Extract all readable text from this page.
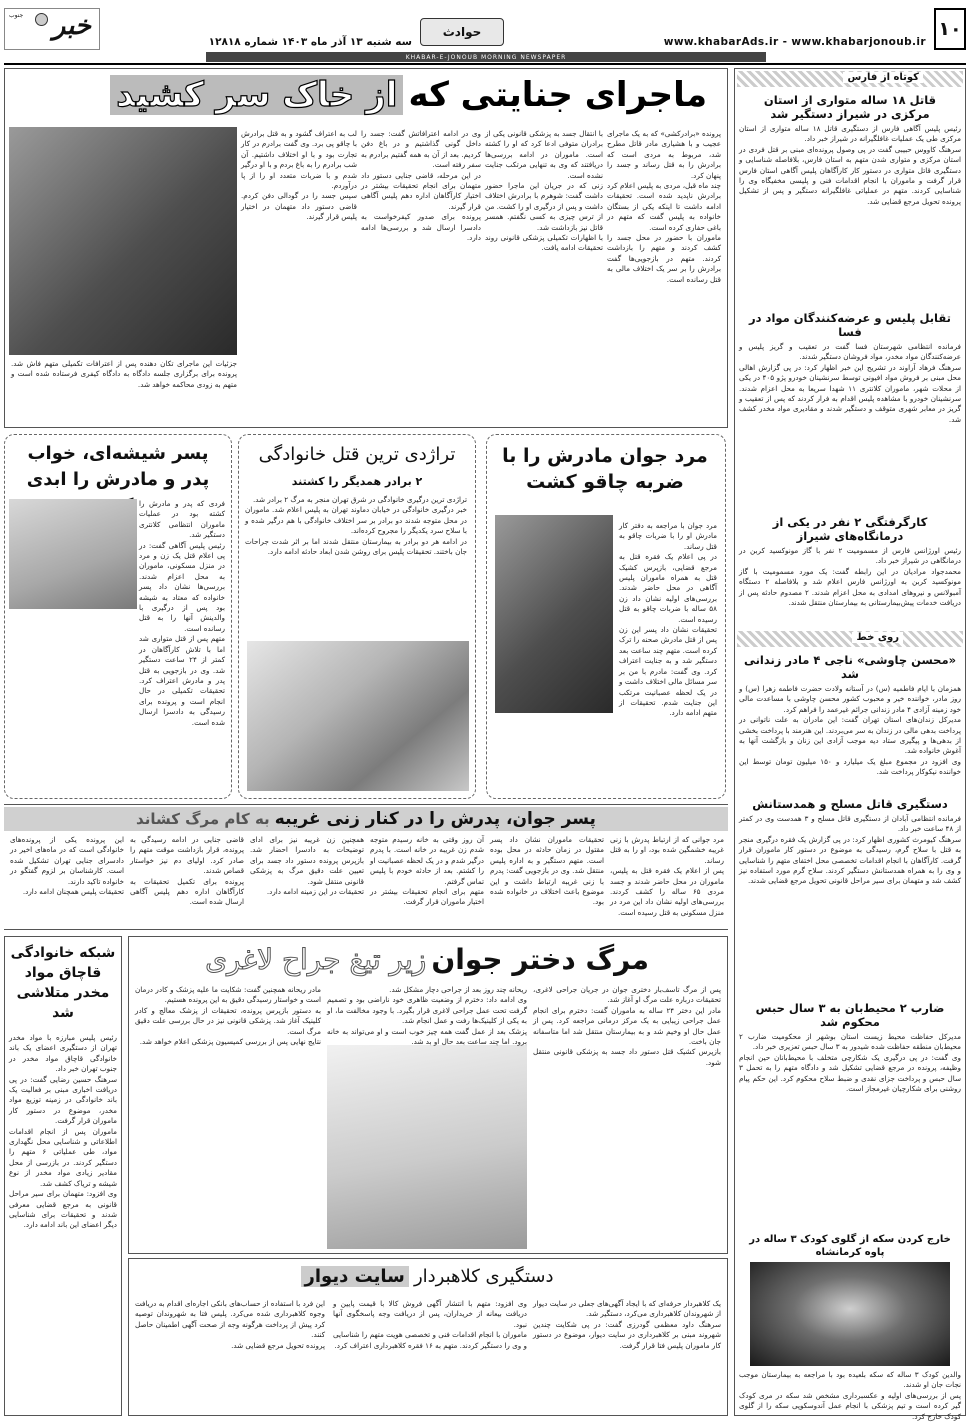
۱۰
www.khabarAds.ir - www.khabarjonoub.ir
حوادث
سه شنبه ۱۳ آذر ماه ۱۴۰۳ شماره ۱۲۸۱۸
خبر
جنوب
KHABAR-E-JONOUB MORNING NEWSPAPER
کوتاه از فارس
قاتل ۱۸ ساله متواری از استان مرکزی در شیراز دستگیر شد
رئیس پلیس آگاهی فارس از دستگیری قاتل ۱۸ ساله متواری از استان مرکزی طی یک عملیات غافلگیرانه در شیراز خبر داد.
سرهنگ کاووس حبیبی گفت در پی وصول پرونده‌ای مبنی بر قتل فردی در استان مرکزی و متواری شدن متهم به استان فارس، بلافاصله شناسایی و دستگیری قاتل متواری در دستور کار کارآگاهان پلیس آگاهی استان فارس قرار گرفت و ماموران با انجام اقدامات فنی و پلیسی مخفیگاه وی را شناسایی کردند. متهم در عملیاتی غافلگیرانه دستگیر و پس از تشکیل پرونده تحویل مرجع قضایی شد.
تقابل پلیس و عرضه‌کنندگان مواد در فسا
فرمانده انتظامی شهرستان فسا گفت در تعقیب و گریز پلیس و عرضه‌کنندگان مواد مخدر، مواد فروشان دستگیر شدند.
سرهنگ فرهاد آراوند در تشریح این خبر اظهار کرد: در پی گزارش اهالی محل مبنی بر فروش مواد افیونی توسط سرنشینان خودرو پژو ۴۰۵ در یکی از محلات شهر، ماموران کلانتری ۱۱ شهدا سریعا به محل اعزام شدند. سرنشینان خودرو با مشاهده پلیس اقدام به فرار کردند که پس از تعقیب و گریز در معابر شهری متوقف و دستگیر شدند و مقادیری مواد مخدر کشف شد.
کارگرفتگی ۲ نفر در یکی از درمانگاه‌های شیراز
رئیس اورژانس فارس از مسمومیت ۲ نفر با گاز مونوکسید کربن در درمانگاهی در شیراز خبر داد.
محمدجواد مرادیان در این رابطه گفت: یک مورد مسمومیت با گاز مونوکسید کربن به اورژانس فارس اعلام شد و بلافاصله ۲ دستگاه آمبولانس و نیروهای امدادی به محل اعزام شدند. ۲ مصدوم حادثه پس از دریافت خدمات پیش‌بیمارستانی به بیمارستان منتقل شدند.
روی خط
«محسن چاوشی» ناجی ۴ مادر زندانی شد
همزمان با ایام فاطمیه (س) در آستانه ولادت حضرت فاطمه زهرا (س) و روز مادر، خواننده خیر و محبوب کشور محسن چاوشی با مساعدت مالی خود زمینه آزادی ۴ مادر زندانی جرائم غیرعمد را فراهم کرد.
مدیرکل زندان‌های استان تهران گفت: این مادران به علت ناتوانی در پرداخت بدهی مالی در زندان به سر می‌بردند. این هنرمند با پرداخت بخشی از بدهی‌ها و پیگیری ستاد دیه موجب آزادی این زنان و بازگشت آنها به آغوش خانواده شد.
وی افزود در مجموع مبلغ یک میلیارد و ۱۵۰ میلیون تومان توسط این خواننده نیکوکار پرداخت شد.
دستگیری قاتل مسلح و همدستانش
فرمانده انتظامی آبادان از دستگیری قاتل مسلح و ۳ همدست وی در کمتر از ۴۸ ساعت خبر داد.
سرهنگ کیومرث کشوری اظهار کرد: در پی گزارش یک فقره درگیری منجر به قتل با سلاح گرم، رسیدگی به موضوع در دستور کار ماموران قرار گرفت. کارآگاهان با انجام اقدامات تخصصی محل اختفای متهم را شناسایی و وی را به همراه همدستانش دستگیر کردند. سلاح گرم مورد استفاده نیز کشف شد و متهمان برای سیر مراحل قانونی تحویل مرجع قضایی شدند.
ضارب ۲ محیط‌بان به ۳ سال حبس محکوم شد
مدیرکل حفاظت محیط زیست استان بوشهر از محکومیت ضارب ۲ محیط‌بان منطقه حفاظت شده شیدور به ۳ سال حبس تعزیری خبر داد.
وی گفت: در پی درگیری یک شکارچی متخلف با محیط‌بانان حین انجام وظیفه، پرونده در مرجع قضایی تشکیل شد و دادگاه متهم را به تحمل ۳ سال حبس و پرداخت جزای نقدی و ضبط سلاح محکوم کرد. این حکم پیام روشنی برای شکارچیان غیرمجاز است.
خارج کردن سکه از گلوی کودک ۳ ساله در پاوه کرمانشاه
والدین کودک ۳ ساله که سکه بلعیده بود با مراجعه به بیمارستان موجب نجات جان او شدند.
پس از بررسی‌های اولیه و عکسبرداری مشخص شد سکه در مری کودک گیر کرده است و تیم پزشکی با انجام عمل آندوسکوپی سکه را از گلوی کودک خارج کرد.
ماجرای جنایتی که از خاک سر کشید
پرونده «برادرکشی» که به یک ماجرای عجیب و با هشیاری مادر قاتل مطرح شد، مربوط به مردی است که برادرش را به قتل رساند و جسد را پنهان کرد.
چند ماه قبل، مردی به پلیس اعلام کرد برادرش ناپدید شده است. تحقیقات ادامه داشت تا اینکه یکی از بستگان خانواده به پلیس گفت که متهم در باغی حفاری کرده است.
ماموران با حضور در محل جسد را کشف کردند و متهم را بازداشت کردند. متهم در بازجویی‌ها گفت برادرش را بر سر یک اختلاف مالی به قتل رسانده است.
با انتقال جسد به پزشکی قانونی یکی از برادران متوفی ادعا کرد که او را کشته است. ماموران در ادامه بررسی‌ها دریافتند که وی به تنهایی مرتکب جنایت نشده است.
زنی که در جریان این ماجرا حضور داشت گفت: شوهرم با برادرش اختلاف داشت و پس از درگیری او را کشت. من از ترس چیزی به کسی نگفتم. همسر قاتل نیز بازداشت شد.
با اظهارات تکمیلی پزشکی قانونی روند تحقیقات ادامه یافت.
وی در ادامه اعترافاتش گفت: جسد را داخل گونی گذاشتیم و در باغ دفن کردیم. بعد از آن به همه گفتیم برادرم به سفر رفته است.
در این مرحله، قاضی جنایی دستور داد متهمان برای انجام تحقیقات بیشتر در اختیار کارآگاهان اداره دهم پلیس آگاهی قرار گیرند.
پرونده برای صدور کیفرخواست به دادسرا ارسال شد و بررسی‌ها ادامه دارد.
لب به اعتراف گشود و به قتل برادرش با چاقو پی برد. وی گفت برادرم در کار تجارت بود و با او اختلاف داشتیم. آن شب برادرم را به باغ بردم و با او درگیر شدم و با ضربات متعدد او را از پا درآوردم.
سپس جسد را در گودالی دفن کردم. قاضی دستور داد متهمان در اختیار پلیس قرار گیرند.
جزئیات این ماجرای تکان دهنده پس از اعترافات تکمیلی متهم فاش شد. پرونده برای برگزاری جلسه دادگاه به دادگاه کیفری فرستاده شده است و متهم به زودی محاکمه خواهد شد.
مرد جوان مادرش را با ضربه چاقو کشت
مرد جوان با مراجعه به دفتر کار مادرش او را با ضربات چاقو به قتل رساند.
در پی اعلام یک فقره قتل به مرجع قضایی، بازپرس کشیک قتل به همراه ماموران پلیس آگاهی در محل حاضر شدند. بررسی‌های اولیه نشان داد زن ۵۸ ساله با ضربات چاقو به قتل رسیده است.
تحقیقات نشان داد پسر این زن پس از قتل مادرش صحنه را ترک کرده است. متهم چند ساعت بعد دستگیر شد و به جنایت اعتراف کرد. وی گفت: مادرم با من بر سر مسائل مالی اختلاف داشت و در یک لحظه عصبانیت مرتکب این جنایت شدم. تحقیقات از متهم ادامه دارد.
تراژدی ترین قتل خانوادگی
۲ برادر همدیگر را کشتند
تراژدی ترین درگیری خانوادگی در شرق تهران منجر به مرگ ۲ برادر شد.
خبر درگیری خانوادگی در خیابان دماوند تهران به پلیس اعلام شد. ماموران در محل متوجه شدند دو برادر بر سر اختلاف خانوادگی با هم درگیر شده و با سلاح سرد یکدیگر را مجروح کرده‌اند.
در ادامه هر دو برادر به بیمارستان منتقل شدند اما بر اثر شدت جراحات جان باختند. تحقیقات پلیس برای روشن شدن ابعاد حادثه ادامه دارد.
پسر شیشه‌ای، خواب پدر و مادرش را ابدی
فردی که پدر و مادرش را کشته بود در عملیات ماموران انتظامی کلانتری دستگیر شد.
رئیس پلیس آگاهی گفت: در پی اعلام قتل یک زن و مرد در منزل مسکونی، ماموران به محل اعزام شدند. بررسی‌ها نشان داد پسر خانواده که معتاد به شیشه بود پس از درگیری با والدینش آنها را به قتل رسانده است.
متهم پس از قتل متواری شد اما با تلاش کارآگاهان در کمتر از ۲۴ ساعت دستگیر شد. وی در بازجویی به قتل پدر و مادرش اعتراف کرد. تحقیقات تکمیلی در حال انجام است و پرونده برای رسیدگی به دادسرا ارسال شده است.
پسر جوان، پدرش را در کنار زنی غریبه به کام مرگ کشاند
مرد جوانی که از ارتباط پدرش با زنی غریبه خشمگین شده بود، او را به قتل رساند.
پس از اعلام یک فقره قتل به پلیس، ماموران در محل حاضر شدند و جسد مردی ۶۵ ساله را کشف کردند. بررسی‌های اولیه نشان داد این مرد در منزل مسکونی به قتل رسیده است.
تحقیقات ماموران نشان داد پسر مقتول در زمان حادثه در محل بوده است. متهم دستگیر و به اداره پلیس منتقل شد. وی در بازجویی گفت: پدرم با زنی غریبه ارتباط داشت و این موضوع باعث اختلاف در خانواده شده بود.
آن روز وقتی به خانه رسیدم متوجه شدم زن غریبه در خانه است. با پدرم درگیر شدم و در یک لحظه عصبانیت او را کشتم. بعد از حادثه خودم با پلیس تماس گرفتم.
متهم برای انجام تحقیقات بیشتر در اختیار ماموران قرار گرفت.
همچنین زن غریبه نیز برای ادای توضیحات به دادسرا احضار شد. بازپرس پرونده دستور داد جسد برای تعیین علت دقیق مرگ به پزشکی قانونی منتقل شود.
تحقیقات در این زمینه ادامه دارد.
قاضی جنایی در ادامه رسیدگی به پرونده، قرار بازداشت موقت متهم را صادر کرد. اولیای دم نیز خواستار قصاص شدند.
پرونده برای تکمیل تحقیقات به کارآگاهان اداره دهم پلیس آگاهی ارسال شده است.
این پرونده یکی از پرونده‌های خانوادگی است که در ماه‌های اخیر در دادسرای جنایی تهران تشکیل شده است. کارشناسان بر لزوم گفتگو در خانواده تاکید دارند.
تحقیقات پلیس همچنان ادامه دارد.
شبکه خانوادگی قاچاق مواد مخدر متلاشی شد
رئیس پلیس مبارزه با مواد مخدر تهران از دستگیری اعضای یک باند خانوادگی قاچاق مواد مخدر در جنوب تهران خبر داد.
سرهنگ حسین رضایی گفت: در پی دریافت اخباری مبنی بر فعالیت یک باند خانوادگی در زمینه توزیع مواد مخدر، موضوع در دستور کار ماموران قرار گرفت.
ماموران پس از انجام اقدامات اطلاعاتی و شناسایی محل نگهداری مواد، طی عملیاتی ۶ متهم را دستگیر کردند. در بازرسی از محل مقادیر زیادی مواد مخدر از نوع شیشه و تریاک کشف شد.
وی افزود: متهمان برای سیر مراحل قانونی به مرجع قضایی معرفی شدند و تحقیقات برای شناسایی دیگر اعضای این باند ادامه دارد.
مرگ دختر جوان زیر تیغ جراح لاغری
پس از مرگ تاسف‌بار دختری جوان در جریان جراحی لاغری، تحقیقات درباره علت مرگ او آغاز شد.
مادر این دختر ۲۴ ساله به ماموران گفت: دخترم برای انجام عمل جراحی زیبایی به یک مرکز درمانی مراجعه کرد. پس از عمل حال او وخیم شد و به بیمارستان منتقل شد اما متاسفانه جان باخت.
بازپرس کشیک قتل دستور داد جسد به پزشکی قانونی منتقل شود.
ریحانه چند روز بعد از جراحی دچار مشکل شد.
وی ادامه داد: دخترم از وضعیت ظاهری خود ناراضی بود و تصمیم گرفت تحت عمل جراحی لاغری قرار بگیرد. با وجود مخالفت ما، او به یکی از کلینیک‌ها رفت و عمل انجام شد.
پزشک بعد از عمل گفت همه چیز خوب است و او می‌تواند به خانه برود. اما چند ساعت بعد حال او بد شد.
مادر ریحانه همچنین گفت: شکایت ما علیه پزشک و کادر درمان است و خواستار رسیدگی دقیق به این پرونده هستیم.
به دستور بازپرس پرونده، تحقیقات از پزشک معالج و کادر کلینیک آغاز شد. پزشکی قانونی نیز در حال بررسی علت دقیق مرگ است.
نتایج نهایی پس از بررسی کمیسیون پزشکی اعلام خواهد شد.
دستگیری کلاهبردار سایت دیوار
یک کلاهبردار حرفه‌ای که با ایجاد آگهی‌های جعلی در سایت دیوار از شهروندان کلاهبرداری می‌کرد، دستگیر شد.
سرهنگ داود معظمی گودرزی گفت: در پی شکایت چندین شهروند مبنی بر کلاهبرداری در سایت دیوار، موضوع در دستور کار ماموران پلیس فتا قرار گرفت.
وی افزود: متهم با انتشار آگهی فروش کالا با قیمت پایین و دریافت بیعانه از خریداران، پس از دریافت وجه پاسخگوی آنها نبود.
ماموران با انجام اقدامات فنی و تخصصی هویت متهم را شناسایی و وی را دستگیر کردند. متهم به ۱۶ فقره کلاهبرداری اعتراف کرد.
این فرد با استفاده از حساب‌های بانکی اجاره‌ای اقدام به دریافت وجوه کلاهبرداری شده می‌کرد. پلیس فتا به شهروندان توصیه کرد پیش از پرداخت هرگونه وجه از صحت آگهی اطمینان حاصل کنند.
پرونده تحویل مرجع قضایی شد.
